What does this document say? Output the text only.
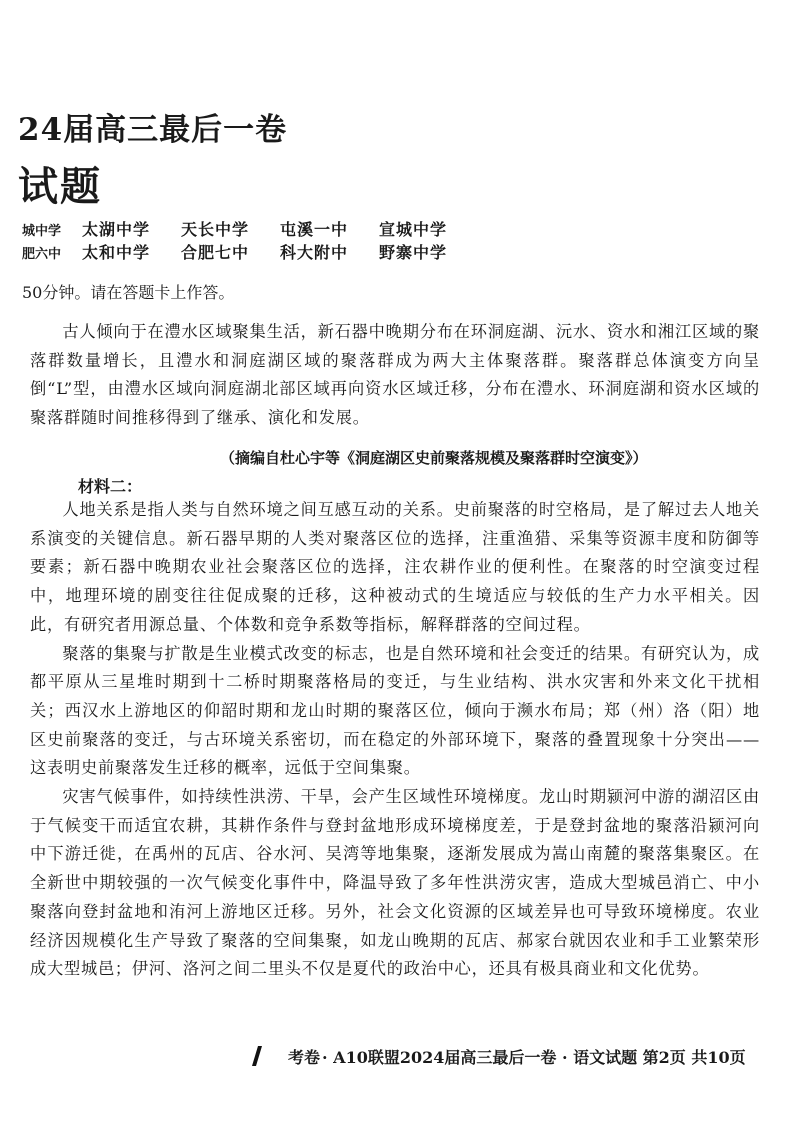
24届高三最后一卷
试题
城中学	太湖中学	天长中学	屯溪一中	宣城中学
肥六中	太和中学	合肥七中	科大附中	野寨中学
50分钟。请在答题卡上作答。

古人倾向于在澧水区域聚集生活，新石器中晚期分布在环洞庭湖、沅水、资水和湘江区域的聚落群数量增长，且澧水和洞庭湖区域的聚落群成为两大主体聚落群。聚落群总体演变方向呈倒“L”型，由澧水区域向洞庭湖北部区域再向资水区域迁移，分布在澧水、环洞庭湖和资水区域的聚落群随时间推移得到了继承、演化和发展。

（摘编自杜心宇等《洞庭湖区史前聚落规模及聚落群时空演变》）
材料二：

人地关系是指人类与自然环境之间互感互动的关系。史前聚落的时空格局，是了解过去人地关系演变的关键信息。新石器早期的人类对聚落区位的选择，注重渔猎、采集等资源丰度和防御等要素；新石器中晚期农业社会聚落区位的选择，注农耕作业的便利性。在聚落的时空演变过程中，地理环境的剧变往往促成聚的迁移，这种被动式的生境适应与较低的生产力水平相关。因此，有研究者用源总量、个体数和竞争系数等指标，解释群落的空间过程。

聚落的集聚与扩散是生业模式改变的标志，也是自然环境和社会变迁的结果。有研究认为，成都平原从三星堆时期到十二桥时期聚落格局的变迁，与生业结构、洪水灾害和外来文化干扰相关；西汉水上游地区的仰韶时期和龙山时期的聚落区位，倾向于濒水布局；郑（州）洛（阳）地区史前聚落的变迁，与古环境关系密切，而在稳定的外部环境下，聚落的叠置现象十分突出——这表明史前聚落发生迁移的概率，远低于空间集聚。

灾害气候事件，如持续性洪涝、干旱，会产生区域性环境梯度。龙山时期颍河中游的湖沼区由于气候变干而适宜农耕，其耕作条件与登封盆地形成环境梯度差，于是登封盆地的聚落沿颍河向中下游迁徙，在禹州的瓦店、谷水河、吴湾等地集聚，逐渐发展成为嵩山南麓的聚落集聚区。在全新世中期较强的一次气候变化事件中，降温导致了多年性洪涝灾害，造成大型城邑消亡、中小聚落向登封盆地和洧河上游地区迁移。另外，社会文化资源的区域差异也可导致环境梯度。农业经济因规模化生产导致了聚落的空间集聚，如龙山晚期的瓦店、郝家台就因农业和手工业繁荣形成大型城邑；伊河、洛河之间二里头不仅是夏代的政治中心，还具有极具商业和文化优势。

考卷 · A10联盟2024届高三最后一卷 · 语文试题 第2页 共10页
